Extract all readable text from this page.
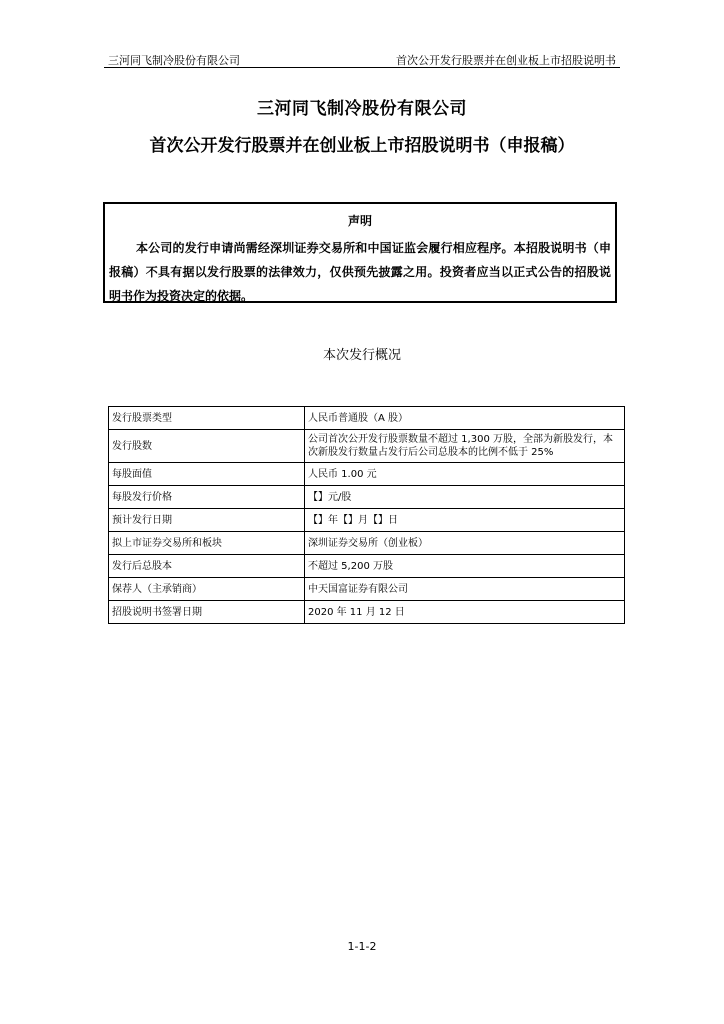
三河同飞制冷股份有限公司	首次公开发行股票并在创业板上市招股说明书
三河同飞制冷股份有限公司
首次公开发行股票并在创业板上市招股说明书（申报稿）
声明
本公司的发行申请尚需经深圳证券交易所和中国证监会履行相应程序。本招股说明书（申报稿）不具有据以发行股票的法律效力，仅供预先披露之用。投资者应当以正式公告的招股说明书作为投资决定的依据。
本次发行概况
发行股票类型	人民币普通股（A 股）
发行股数	公司首次公开发行股票数量不超过 1,300 万股，全部为新股发行，本次新股发行数量占发行后公司总股本的比例不低于 25%
每股面值	人民币 1.00 元
每股发行价格	【】元/股
预计发行日期	【】年【】月【】日
拟上市证券交易所和板块	深圳证券交易所（创业板）
发行后总股本	不超过 5,200 万股
保荐人（主承销商）	中天国富证券有限公司
招股说明书签署日期	2020 年 11 月 12 日
1-1-2
